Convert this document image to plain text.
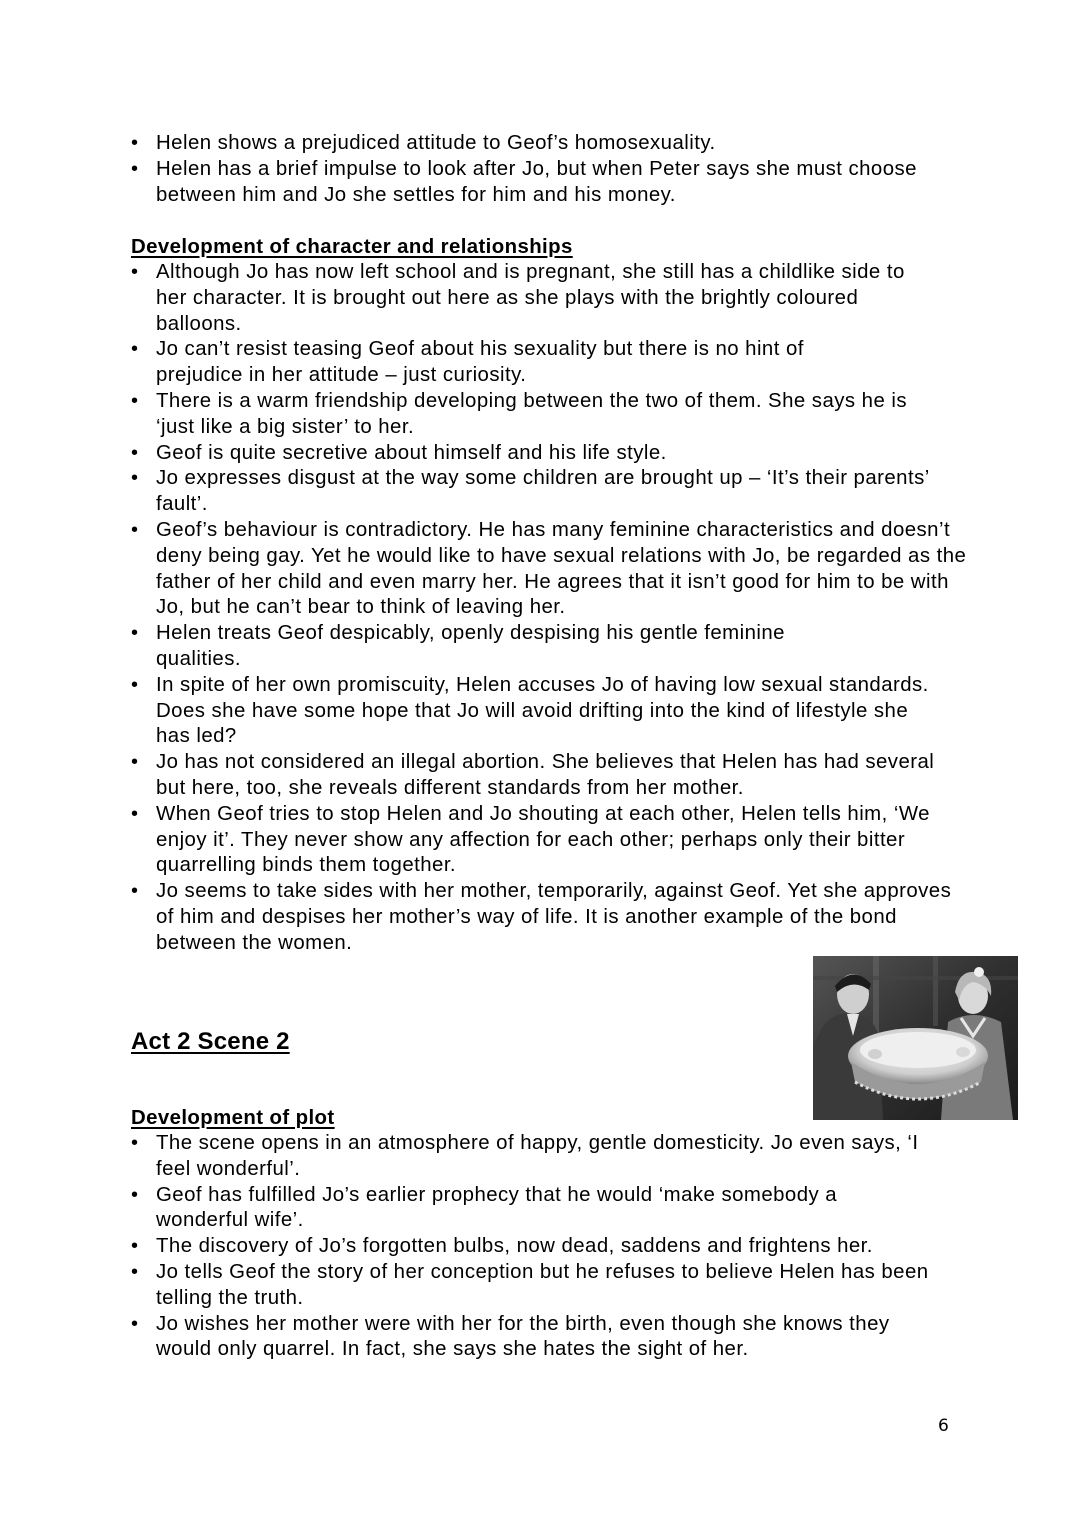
• Helen shows a prejudiced attitude to Geof’s homosexuality.
• Helen has a brief impulse to look after Jo, but when Peter says she must choose between him and Jo she settles for him and his money.
Development of character and relationships
• Although Jo has now left school and is pregnant, she still has a childlike side to her character. It is brought out here as she plays with the brightly coloured balloons.
• Jo can’t resist teasing Geof about his sexuality but there is no hint of prejudice in her attitude – just curiosity.
• There is a warm friendship developing between the two of them. She says he is ‘just like a big sister’ to her.
• Geof is quite secretive about himself and his life style.
• Jo expresses disgust at the way some children are brought up – ‘It’s their parents’ fault’.
• Geof’s behaviour is contradictory. He has many feminine characteristics and doesn’t deny being gay. Yet he would like to have sexual relations with Jo, be regarded as the father of her child and even marry her. He agrees that it isn’t good for him to be with Jo, but he can’t bear to think of leaving her.
• Helen treats Geof despicably, openly despising his gentle feminine qualities.
• In spite of her own promiscuity, Helen accuses Jo of having low sexual standards. Does she have some hope that Jo will avoid drifting into the kind of lifestyle she has led?
• Jo has not considered an illegal abortion. She believes that Helen has had several but here, too, she reveals different standards from her mother.
• When Geof tries to stop Helen and Jo shouting at each other, Helen tells him, ‘We enjoy it’. They never show any affection for each other; perhaps only their bitter quarrelling binds them together.
• Jo seems to take sides with her mother, temporarily, against Geof. Yet she approves of him and despises her mother’s way of life. It is another example of the bond between the women.
Act 2 Scene 2
Development of plot
• The scene opens in an atmosphere of happy, gentle domesticity. Jo even says, ‘I feel wonderful’.
• Geof has fulfilled Jo’s earlier prophecy that he would ‘make somebody a wonderful wife’.
• The discovery of Jo’s forgotten bulbs, now dead, saddens and frightens her.
• Jo tells Geof the story of her conception but he refuses to believe Helen has been telling the truth.
• Jo wishes her mother were with her for the birth, even though she knows they would only quarrel. In fact, she says she hates the sight of her.
6
